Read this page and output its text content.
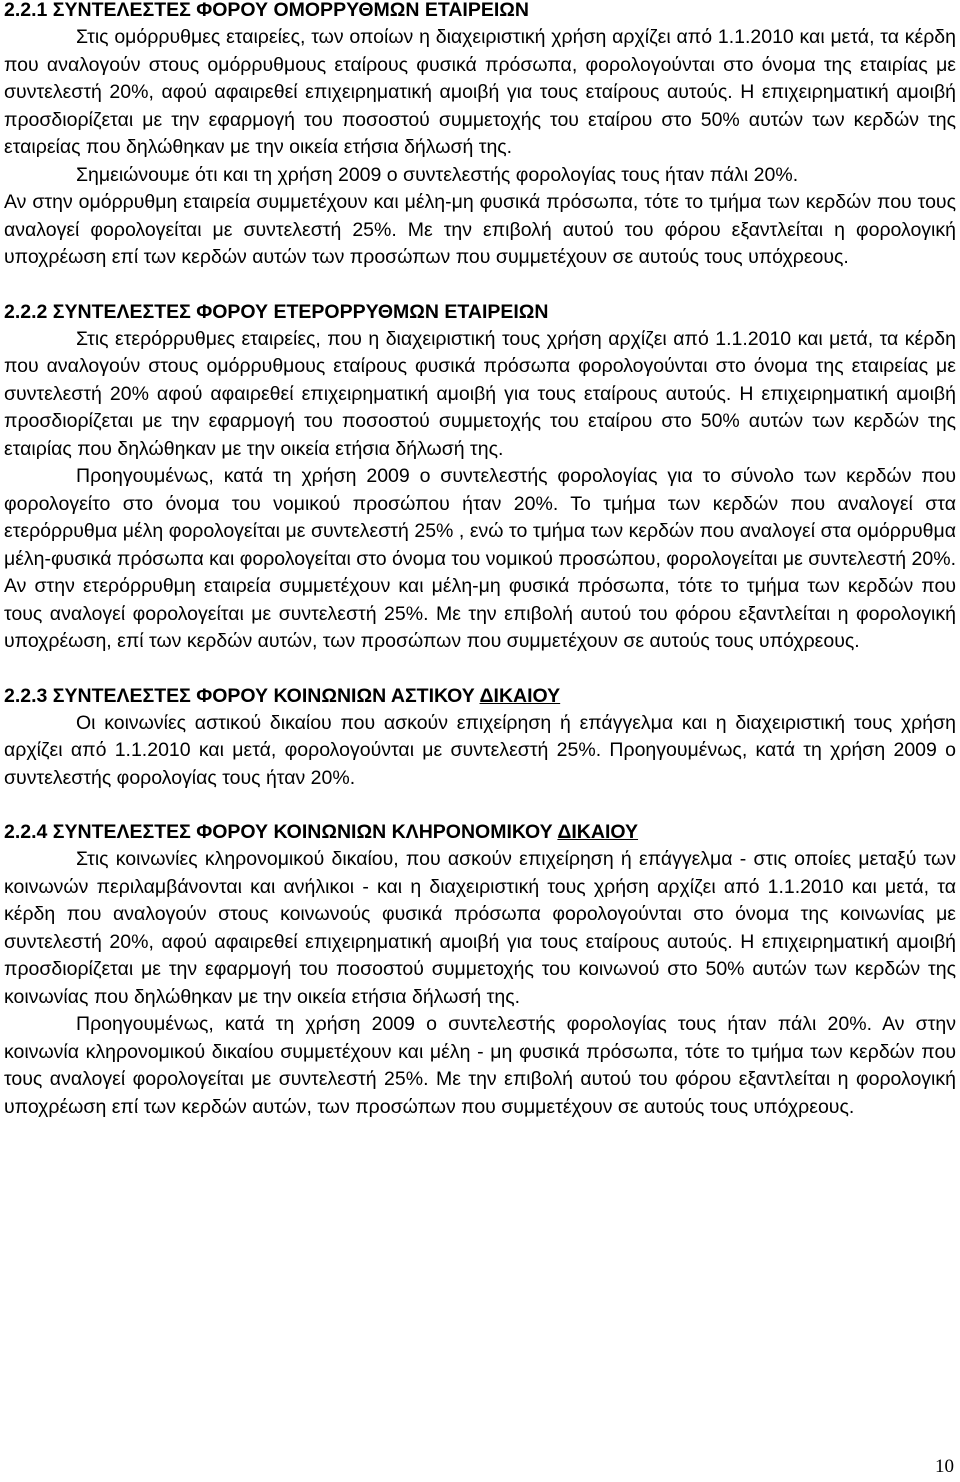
2.2.1 ΣΥΝΤΕΛΕΣΤΕΣ ΦΟΡΟΥ ΟΜΟΡΡΥΘΜΩΝ ΕΤΑΙΡΕΙΩΝ

Στις ομόρρυθμες εταιρείες, των οποίων η διαχειριστική χρήση αρχίζει από 1.1.2010 και μετά, τα κέρδη που αναλογούν στους ομόρρυθμους εταίρους φυσικά πρόσωπα, φορολογούνται στο όνομα της εταιρίας με συντελεστή 20%, αφού αφαιρεθεί επιχειρηματική αμοιβή για τους εταίρους αυτούς. Η επιχειρηματική αμοιβή προσδιορίζεται με την εφαρμογή του ποσοστού συμμετοχής του εταίρου στο 50% αυτών των κερδών της εταιρείας που δηλώθηκαν με την οικεία ετήσια δήλωσή της.

Σημειώνουμε ότι και τη χρήση 2009 ο συντελεστής φορολογίας τους ήταν πάλι 20%.

Αν στην ομόρρυθμη εταιρεία συμμετέχουν και μέλη-μη φυσικά πρόσωπα, τότε το τμήμα των κερδών που τους αναλογεί φορολογείται με συντελεστή 25%. Με την επιβολή αυτού του φόρου εξαντλείται η φορολογική υποχρέωση επί των κερδών αυτών των προσώπων που συμμετέχουν σε αυτούς τους υπόχρεους.

2.2.2 ΣΥΝΤΕΛΕΣΤΕΣ ΦΟΡΟΥ ΕΤΕΡΟΡΡΥΘΜΩΝ ΕΤΑΙΡΕΙΩΝ

Στις ετερόρρυθμες εταιρείες, που η διαχειριστική τους χρήση αρχίζει από 1.1.2010 και μετά, τα κέρδη που αναλογούν στους ομόρρυθμους εταίρους φυσικά πρόσωπα φορολογούνται στο όνομα της εταιρείας με συντελεστή 20% αφού αφαιρεθεί επιχειρηματική αμοιβή για τους εταίρους αυτούς. Η επιχειρηματική αμοιβή προσδιορίζεται με την εφαρμογή του ποσοστού συμμετοχής του εταίρου στο 50% αυτών των κερδών της εταιρίας που δηλώθηκαν με την οικεία ετήσια δήλωσή της.

Προηγουμένως, κατά τη χρήση 2009 ο συντελεστής φορολογίας για το σύνολο των κερδών που φορολογείτο στο όνομα του νομικού προσώπου ήταν 20%. Το τμήμα των κερδών που αναλογεί στα ετερόρρυθμα μέλη φορολογείται με συντελεστή 25% , ενώ το τμήμα των κερδών που αναλογεί στα ομόρρυθμα μέλη-φυσικά πρόσωπα και φορολογείται στο όνομα του νομικού προσώπου, φορολογείται με συντελεστή 20%. Αν στην ετερόρρυθμη εταιρεία συμμετέχουν και μέλη-μη φυσικά πρόσωπα, τότε το τμήμα των κερδών που τους αναλογεί φορολογείται με συντελεστή 25%. Με την επιβολή αυτού του φόρου εξαντλείται η φορολογική υποχρέωση, επί των κερδών αυτών, των προσώπων που συμμετέχουν σε αυτούς τους υπόχρεους.

2.2.3 ΣΥΝΤΕΛΕΣΤΕΣ ΦΟΡΟΥ ΚΟΙΝΩΝΙΩΝ ΑΣΤΙΚΟΥ ΔΙΚΑΙΟΥ

Οι κοινωνίες αστικού δικαίου που ασκούν επιχείρηση ή επάγγελμα και η διαχειριστική τους χρήση αρχίζει από 1.1.2010 και μετά, φορολογούνται με συντελεστή 25%. Προηγουμένως, κατά τη χρήση 2009 ο συντελεστής φορολογίας τους ήταν 20%.

2.2.4 ΣΥΝΤΕΛΕΣΤΕΣ ΦΟΡΟΥ ΚΟΙΝΩΝΙΩΝ ΚΛΗΡΟΝΟΜΙΚΟΥ ΔΙΚΑΙΟΥ

Στις κοινωνίες κληρονομικού δικαίου, που ασκούν επιχείρηση ή επάγγελμα - στις οποίες μεταξύ των κοινωνών περιλαμβάνονται και ανήλικοι - και η διαχειριστική τους χρήση αρχίζει από 1.1.2010 και μετά, τα κέρδη που αναλογούν στους κοινωνούς φυσικά πρόσωπα φορολογούνται στο όνομα της κοινωνίας με συντελεστή 20%, αφού αφαιρεθεί επιχειρηματική αμοιβή για τους εταίρους αυτούς. Η επιχειρηματική αμοιβή προσδιορίζεται με την εφαρμογή του ποσοστού συμμετοχής του κοινωνού στο 50% αυτών των κερδών της κοινωνίας που δηλώθηκαν με την οικεία ετήσια δήλωσή της.

Προηγουμένως, κατά τη χρήση 2009 ο συντελεστής φορολογίας τους ήταν πάλι 20%. Αν στην κοινωνία κληρονομικού δικαίου συμμετέχουν και μέλη - μη φυσικά πρόσωπα, τότε το τμήμα των κερδών που τους αναλογεί φορολογείται με συντελεστή 25%. Με την επιβολή αυτού του φόρου εξαντλείται η φορολογική υποχρέωση επί των κερδών αυτών, των προσώπων που συμμετέχουν σε αυτούς τους υπόχρεους.

10
